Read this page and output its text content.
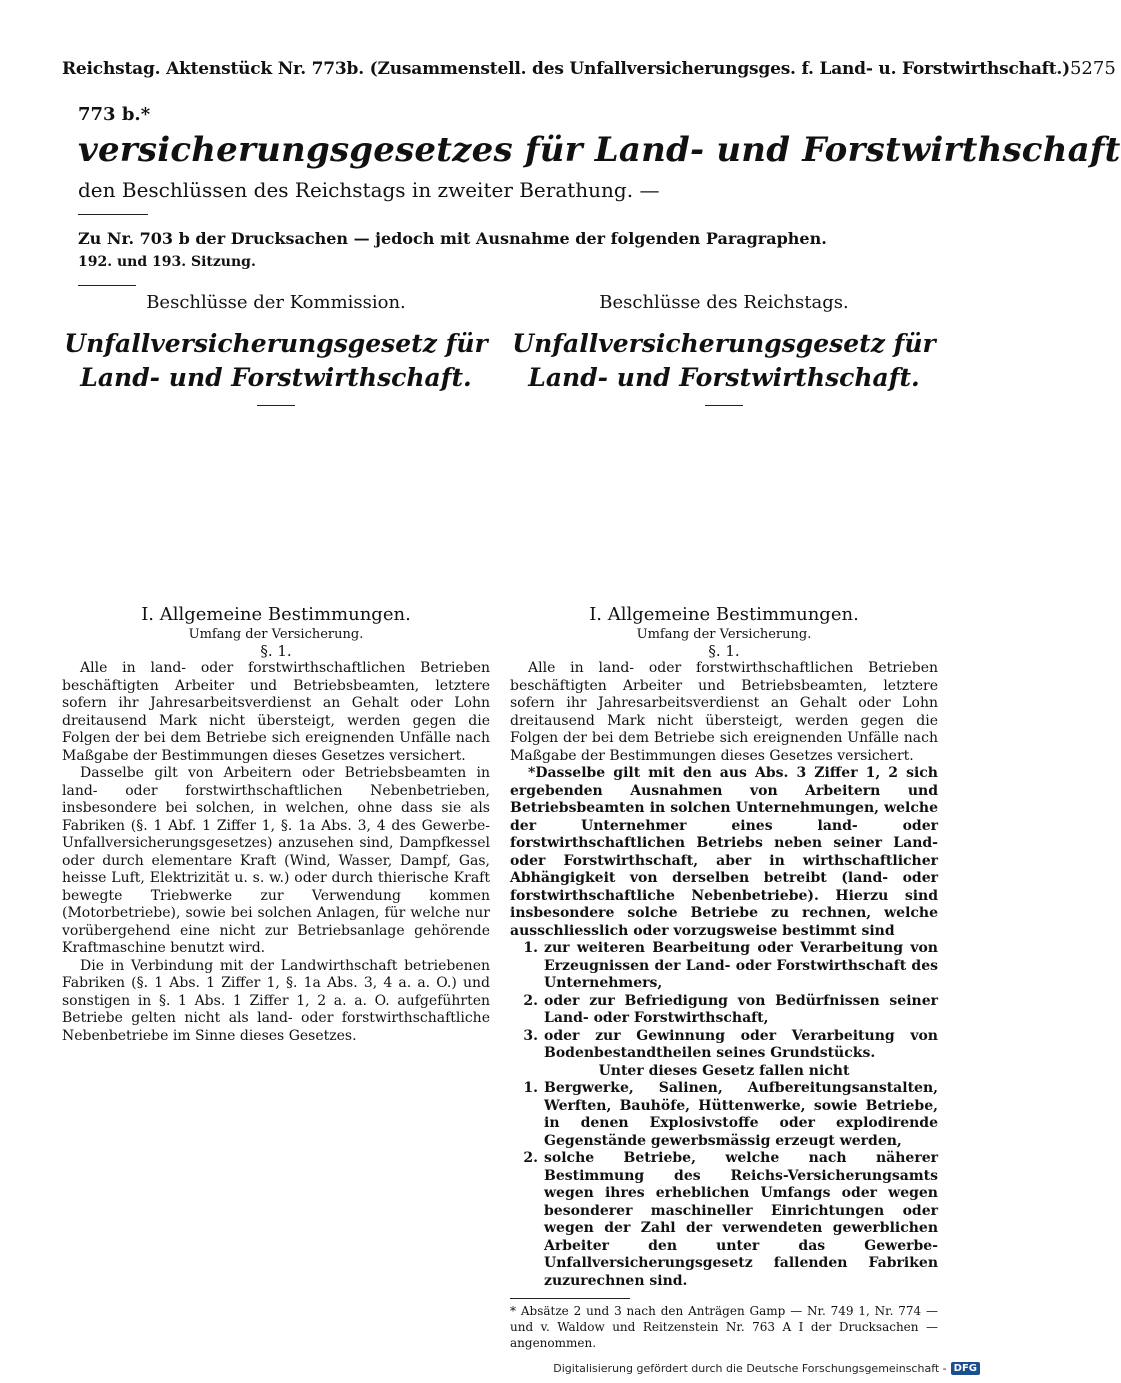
Reichstag. Aktenstück Nr. 773b. (Zusammenstell. des Unfallversicherungsges. f. Land- u. Forstwirthschaft.) 5275
773 b.*
versicherungsgesetzes für Land- und Forstwirthschaft
den Beschlüssen des Reichstags in zweiter Berathung. —
Zu Nr. 703 b der Drucksachen — jedoch mit Ausnahme der folgenden Paragraphen.
192. und 193. Sitzung.
Beschlüsse der Kommission.
Unfallversicherungsgesetz für Land- und Forstwirthschaft.
I. Allgemeine Bestimmungen.
Umfang der Versicherung.
§. 1.

Alle in land- oder forstwirthschaftlichen Betrieben beschäftigten Arbeiter und Betriebsbeamten, letztere sofern ihr Jahresarbeitsverdienst an Gehalt oder Lohn dreitausend Mark nicht übersteigt, werden gegen die Folgen der bei dem Betriebe sich ereignenden Unfälle nach Maßgabe der Bestimmungen dieses Gesetzes versichert.

Dasselbe gilt von Arbeitern oder Betriebsbeamten in land- oder forstwirthschaftlichen Nebenbetrieben, insbesondere bei solchen, in welchen, ohne dass sie als Fabriken (§. 1 Abf. 1 Ziffer 1, §. 1a Abs. 3, 4 des Gewerbe-Unfallversicherungsgesetzes) anzusehen sind, Dampfkessel oder durch elementare Kraft (Wind, Wasser, Dampf, Gas, heisse Luft, Elektrizität u. s. w.) oder durch thierische Kraft bewegte Triebwerke zur Verwendung kommen (Motorbetriebe), sowie bei solchen Anlagen, für welche nur vorübergehend eine nicht zur Betriebsanlage gehörende Kraftmaschine benutzt wird.

Die in Verbindung mit der Landwirthschaft betriebenen Fabriken (§. 1 Abs. 1 Ziffer 1, §. 1a Abs. 3, 4 a. a. O.) und sonstigen in §. 1 Abs. 1 Ziffer 1, 2 a. a. O. aufgeführten Betriebe gelten nicht als land- oder forstwirthschaftliche Nebenbetriebe im Sinne dieses Gesetzes.

Beschlüsse des Reichstags.
Unfallversicherungsgesetz für Land- und Forstwirthschaft.
I. Allgemeine Bestimmungen.
Umfang der Versicherung.
§. 1.

Alle in land- oder forstwirthschaftlichen Betrieben beschäftigten Arbeiter und Betriebsbeamten, letztere sofern ihr Jahresarbeitsverdienst an Gehalt oder Lohn dreitausend Mark nicht übersteigt, werden gegen die Folgen der bei dem Betriebe sich ereignenden Unfälle nach Maßgabe der Bestimmungen dieses Gesetzes versichert.

*Dasselbe gilt mit den aus Abs. 3 Ziffer 1, 2 sich ergebenden Ausnahmen von Arbeitern und Betriebsbeamten in solchen Unternehmungen, welche der Unternehmer eines land- oder forstwirthschaftlichen Betriebs neben seiner Land- oder Forstwirthschaft, aber in wirthschaftlicher Abhängigkeit von derselben betreibt (land- oder forstwirthschaftliche Nebenbetriebe). Hierzu sind insbesondere solche Betriebe zu rechnen, welche ausschliesslich oder vorzugsweise bestimmt sind

1. zur weiteren Bearbeitung oder Verarbeitung von Erzeugnissen der Land- oder Forstwirthschaft des Unternehmers,
2. oder zur Befriedigung von Bedürfnissen seiner Land- oder Forstwirthschaft,
3. oder zur Gewinnung oder Verarbeitung von Bodenbestandtheilen seines Grundstücks.
Unter dieses Gesetz fallen nicht
1. Bergwerke, Salinen, Aufbereitungsanstalten, Werften, Bauhöfe, Hüttenwerke, sowie Betriebe, in denen Explosivstoffe oder explodirende Gegenstände gewerbsmässig erzeugt werden,
2. solche Betriebe, welche nach näherer Bestimmung des Reichs-Versicherungsamts wegen ihres erheblichen Umfangs oder wegen besonderer maschineller Einrichtungen oder wegen der Zahl der verwendeten gewerblichen Arbeiter den unter das Gewerbe-Unfallversicherungsgesetz fallenden Fabriken zuzurechnen sind.
* Absätze 2 und 3 nach den Anträgen Gamp — Nr. 749 1, Nr. 774 — und v. Waldow und Reitzenstein Nr. 763 A I der Drucksachen — angenommen.
Digitalisierung gefördert durch die Deutsche Forschungsgemeinschaft - DFG
